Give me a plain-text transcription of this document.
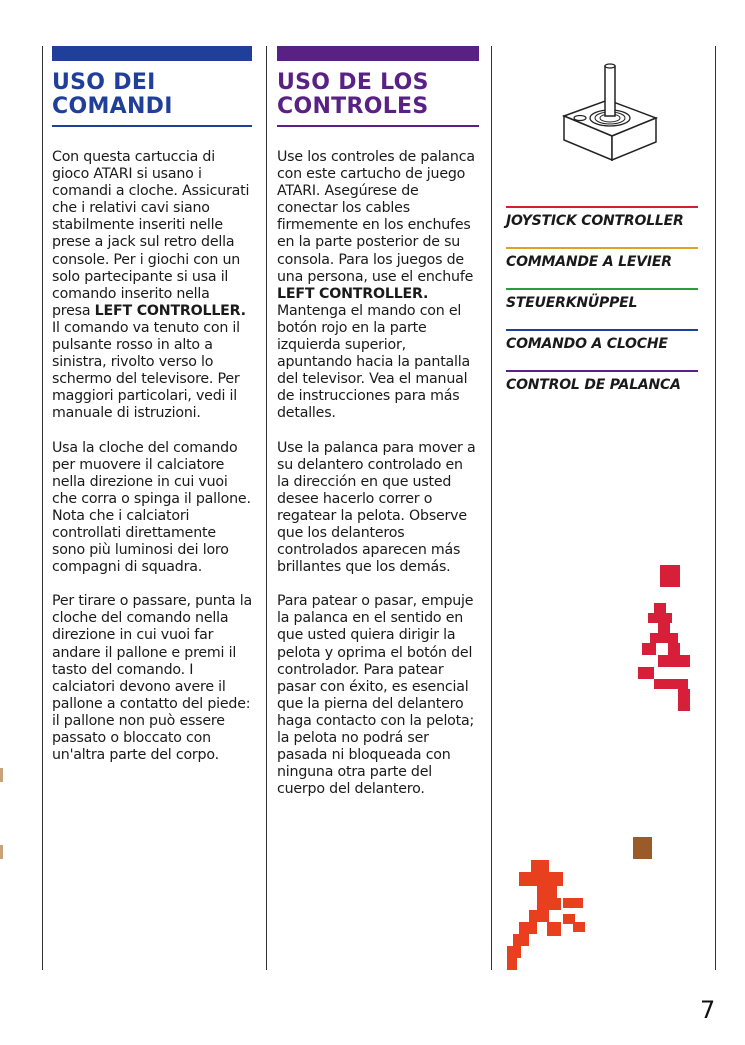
USO DEI
COMANDI

Con questa cartuccia di gioco ATARI si usano i comandi a cloche. Assicurati che i relativi cavi siano stabilmente inseriti nelle prese a jack sul retro della console. Per i giochi con un solo partecipante si usa il comando inserito nella presa LEFT CONTROLLER. Il comando va tenuto con il pulsante rosso in alto a sinistra, rivolto verso lo schermo del televisore. Per maggiori particolari, vedi il manuale di istruzioni.

Usa la cloche del comando per muovere il calciatore nella direzione in cui vuoi che corra o spinga il pallone. Nota che i calciatori controllati direttamente sono più luminosi dei loro compagni di squadra.

Per tirare o passare, punta la cloche del comando nella direzione in cui vuoi far andare il pallone e premi il tasto del comando. I calciatori devono avere il pallone a contatto del piede: il pallone non può essere passato o bloccato con un'altra parte del corpo.

USO DE LOS
CONTROLES

Use los controles de palanca con este cartucho de juego ATARI. Asegúrese de conectar los cables firmemente en los enchufes en la parte posterior de su consola. Para los juegos de una persona, use el enchufe LEFT CONTROLLER. Mantenga el mando con el botón rojo en la parte izquierda superior, apuntando hacia la pantalla del televisor. Vea el manual de instrucciones para más detalles.

Use la palanca para mover a su delantero controlado en la dirección en que usted desee hacerlo correr o regatear la pelota. Observe que los delanteros controlados aparecen más brillantes que los demás.

Para patear o pasar, empuje la palanca en el sentido en que usted quiera dirigir la pelota y oprima el botón del controlador. Para patear pasar con éxito, es esencial que la pierna del delantero haga contacto con la pelota; la pelota no podrá ser pasada ni bloqueada con ninguna otra parte del cuerpo del delantero.

JOYSTICK CONTROLLER
COMMANDE A LEVIER
STEUERKNÜPPEL
COMANDO A CLOCHE
CONTROL DE PALANCA
7
